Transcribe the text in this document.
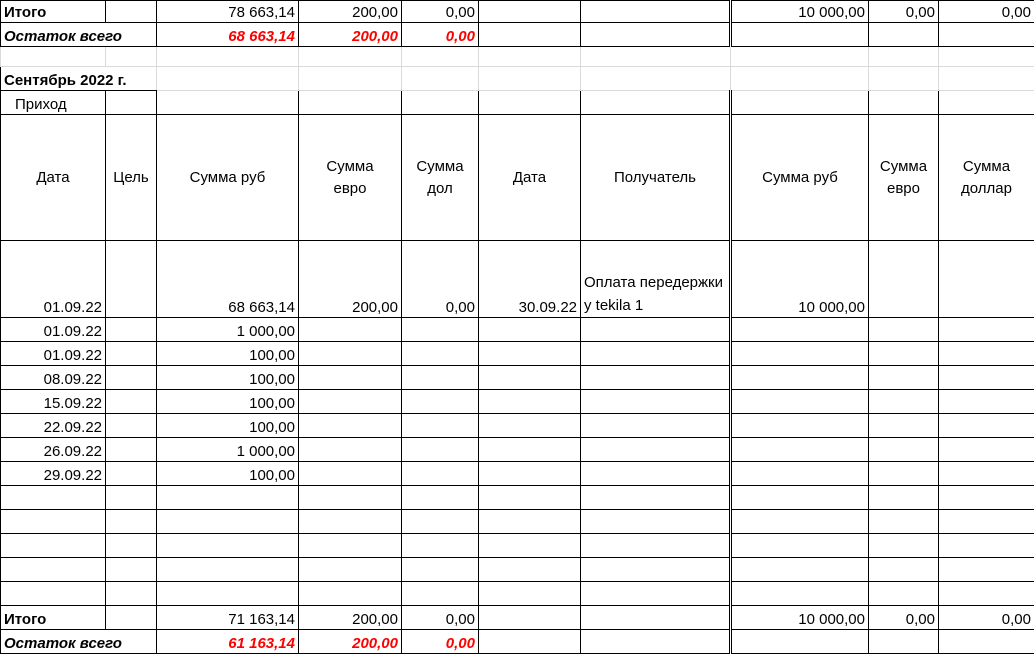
Итого		78 663,14	200,00	0,00			10 000,00	0,00	0,00
Остаток всего		68 663,14	200,00	0,00					

Сентябрь 2022 г.									
Приход									
Дата	Цель	Сумма руб	Сумма евро	Сумма дол	Дата	Получатель	Сумма руб	Сумма евро	Сумма доллар
01.09.22		68 663,14	200,00	0,00	30.09.22	Оплата передержки у tekila 1	10 000,00		
01.09.22		1 000,00							
01.09.22		100,00							
08.09.22		100,00							
15.09.22		100,00							
22.09.22		100,00							
26.09.22		1 000,00							
29.09.22		100,00							

Итого		71 163,14	200,00	0,00			10 000,00	0,00	0,00
Остаток всего		61 163,14	200,00	0,00					
